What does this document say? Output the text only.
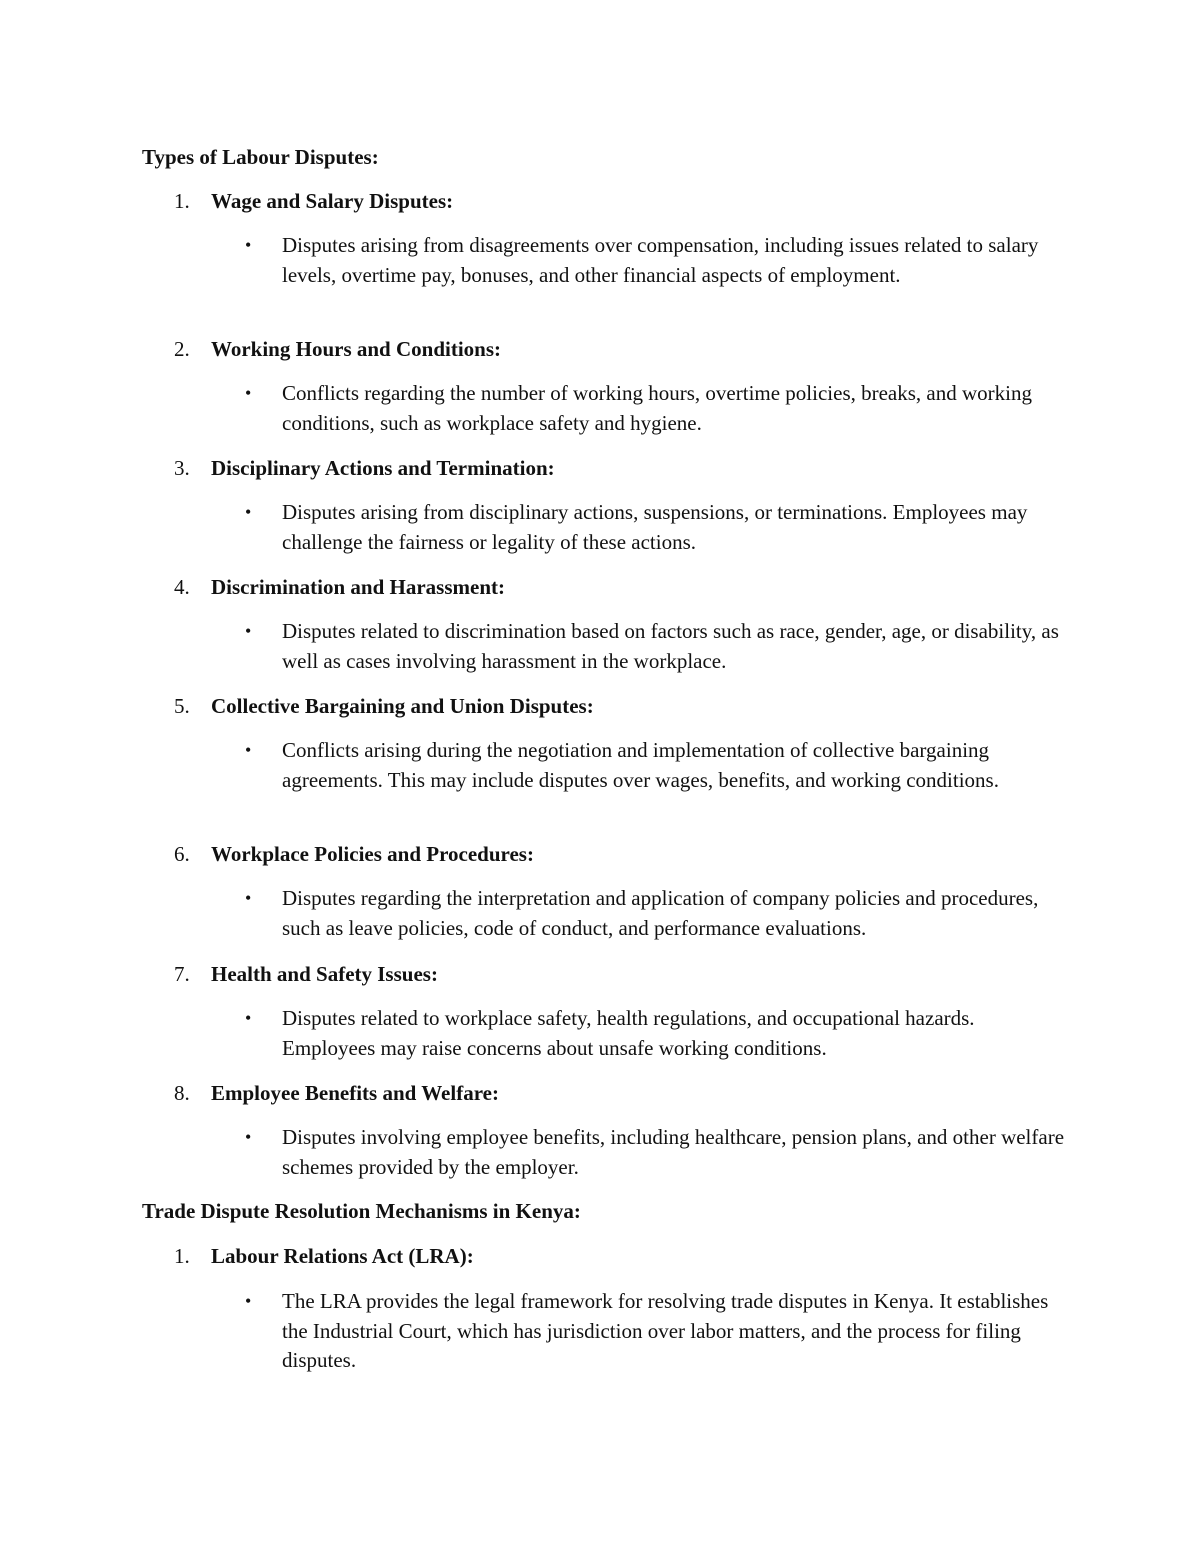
Types of Labour Disputes:
1. Wage and Salary Disputes:
• Disputes arising from disagreements over compensation, including issues related to salary levels, overtime pay, bonuses, and other financial aspects of employment.
2. Working Hours and Conditions:
• Conflicts regarding the number of working hours, overtime policies, breaks, and working conditions, such as workplace safety and hygiene.
3. Disciplinary Actions and Termination:
• Disputes arising from disciplinary actions, suspensions, or terminations. Employees may challenge the fairness or legality of these actions.
4. Discrimination and Harassment:
• Disputes related to discrimination based on factors such as race, gender, age, or disability, as well as cases involving harassment in the workplace.
5. Collective Bargaining and Union Disputes:
• Conflicts arising during the negotiation and implementation of collective bargaining agreements. This may include disputes over wages, benefits, and working conditions.
6. Workplace Policies and Procedures:
• Disputes regarding the interpretation and application of company policies and procedures, such as leave policies, code of conduct, and performance evaluations.
7. Health and Safety Issues:
• Disputes related to workplace safety, health regulations, and occupational hazards. Employees may raise concerns about unsafe working conditions.
8. Employee Benefits and Welfare:
• Disputes involving employee benefits, including healthcare, pension plans, and other welfare schemes provided by the employer.
Trade Dispute Resolution Mechanisms in Kenya:
1. Labour Relations Act (LRA):
• The LRA provides the legal framework for resolving trade disputes in Kenya. It establishes the Industrial Court, which has jurisdiction over labor matters, and the process for filing disputes.
